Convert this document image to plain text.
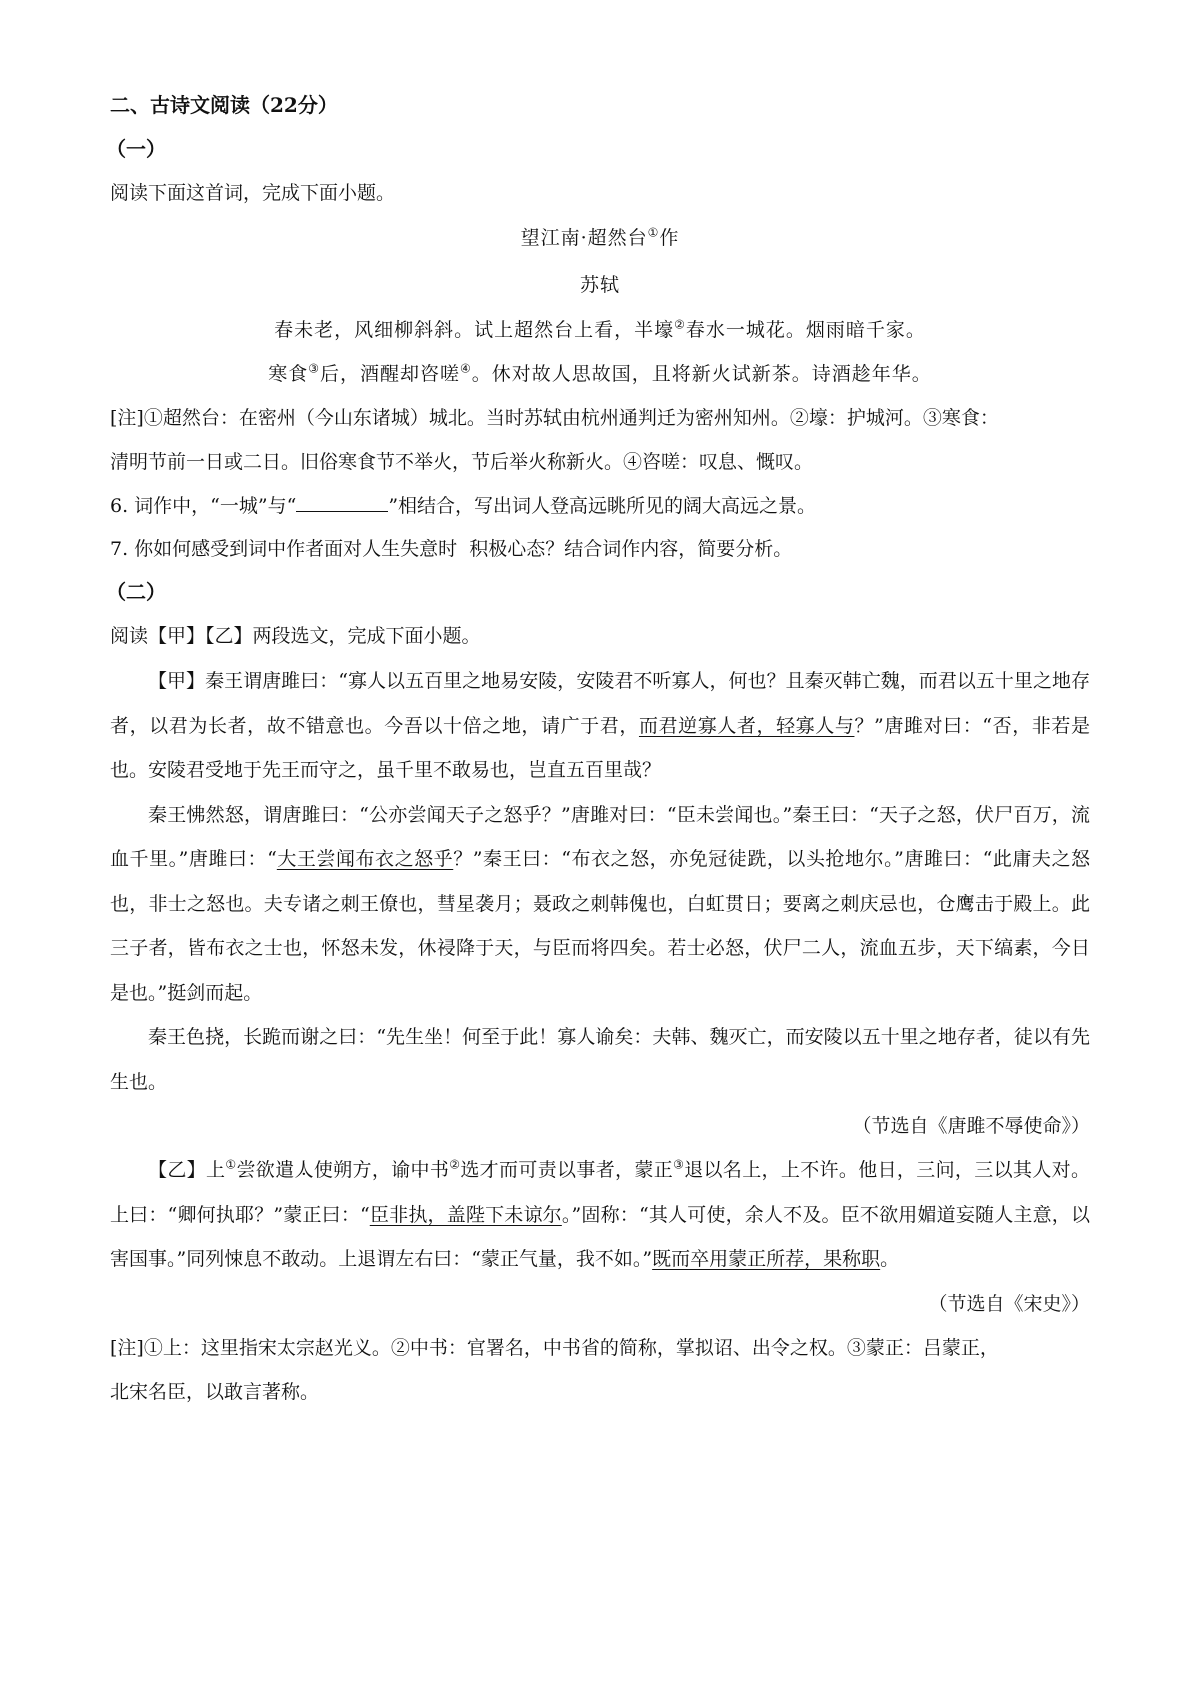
二、古诗文阅读（22分）

（一）

阅读下面这首词，完成下面小题。

望江南·超然台①作

苏轼

春未老，风细柳斜斜。试上超然台上看，半壕②春水一城花。烟雨暗千家。

寒食③后，酒醒却咨嗟④。休对故人思故国，且将新火试新茶。诗酒趁年华。

[注]①超然台：在密州（今山东诸城）城北。当时苏轼由杭州通判迁为密州知州。②壕：护城河。③寒食：

清明节前一日或二日。旧俗寒食节不举火，节后举火称新火。④咨嗟：叹息、慨叹。

6. 词作中，“一城”与“	”相结合，写出词人登高远眺所见的阔大高远之景。

7. 你如何感受到词中作者面对人生失意时  积极心态？结合词作内容，简要分析。

（二）

阅读【甲】【乙】两段选文，完成下面小题。

【甲】秦王谓唐雎曰：“寡人以五百里之地易安陵，安陵君不听寡人，何也？且秦灭韩亡魏，而君以五十里之地存者，以君为长者，故不错意也。今吾以十倍之地，请广于君，而君逆寡人者，轻寡人与？”唐雎对曰：“否，非若是也。安陵君受地于先王而守之，虽千里不敢易也，岂直五百里哉？

秦王怫然怒，谓唐雎曰：“公亦尝闻天子之怒乎？”唐雎对曰：“臣未尝闻也。”秦王曰：“天子之怒，伏尸百万，流血千里。”唐雎曰：“大王尝闻布衣之怒乎？”秦王曰：“布衣之怒，亦免冠徒跣，以头抢地尔。”唐雎曰：“此庸夫之怒也，非士之怒也。夫专诸之刺王僚也，彗星袭月；聂政之刺韩傀也，白虹贯日；要离之刺庆忌也，仓鹰击于殿上。此三子者，皆布衣之士也，怀怒未发，休祲降于天，与臣而将四矣。若士必怒，伏尸二人，流血五步，天下缟素，今日是也。”挺剑而起。

秦王色挠，长跪而谢之曰：“先生坐！何至于此！寡人谕矣：夫韩、魏灭亡，而安陵以五十里之地存者，徒以有先生也。

（节选自《唐雎不辱使命》）

【乙】上①尝欲遣 ·人使朔方，谕 ·中书②选才而可责以事者，蒙正③退以名上，上不许。他日，三问，三以其人对。上曰：“卿何执耶？”蒙正曰：“臣非执，盖陛下未谅尔。”固称：“其人可使，余人不及。臣不欲用媚道妄随人主意，以害国事。”同列悚息不敢动。上退谓左右曰：“蒙正气量，我不如。”既而卒用蒙正所荐，果称职。

（节选自《宋史》）

[注]①上：这里指宋太宗赵光义。②中书：官署名，中书省的简称，掌拟诏、出令之权。③蒙正：吕蒙正，

北宋名臣，以敢言著称。
